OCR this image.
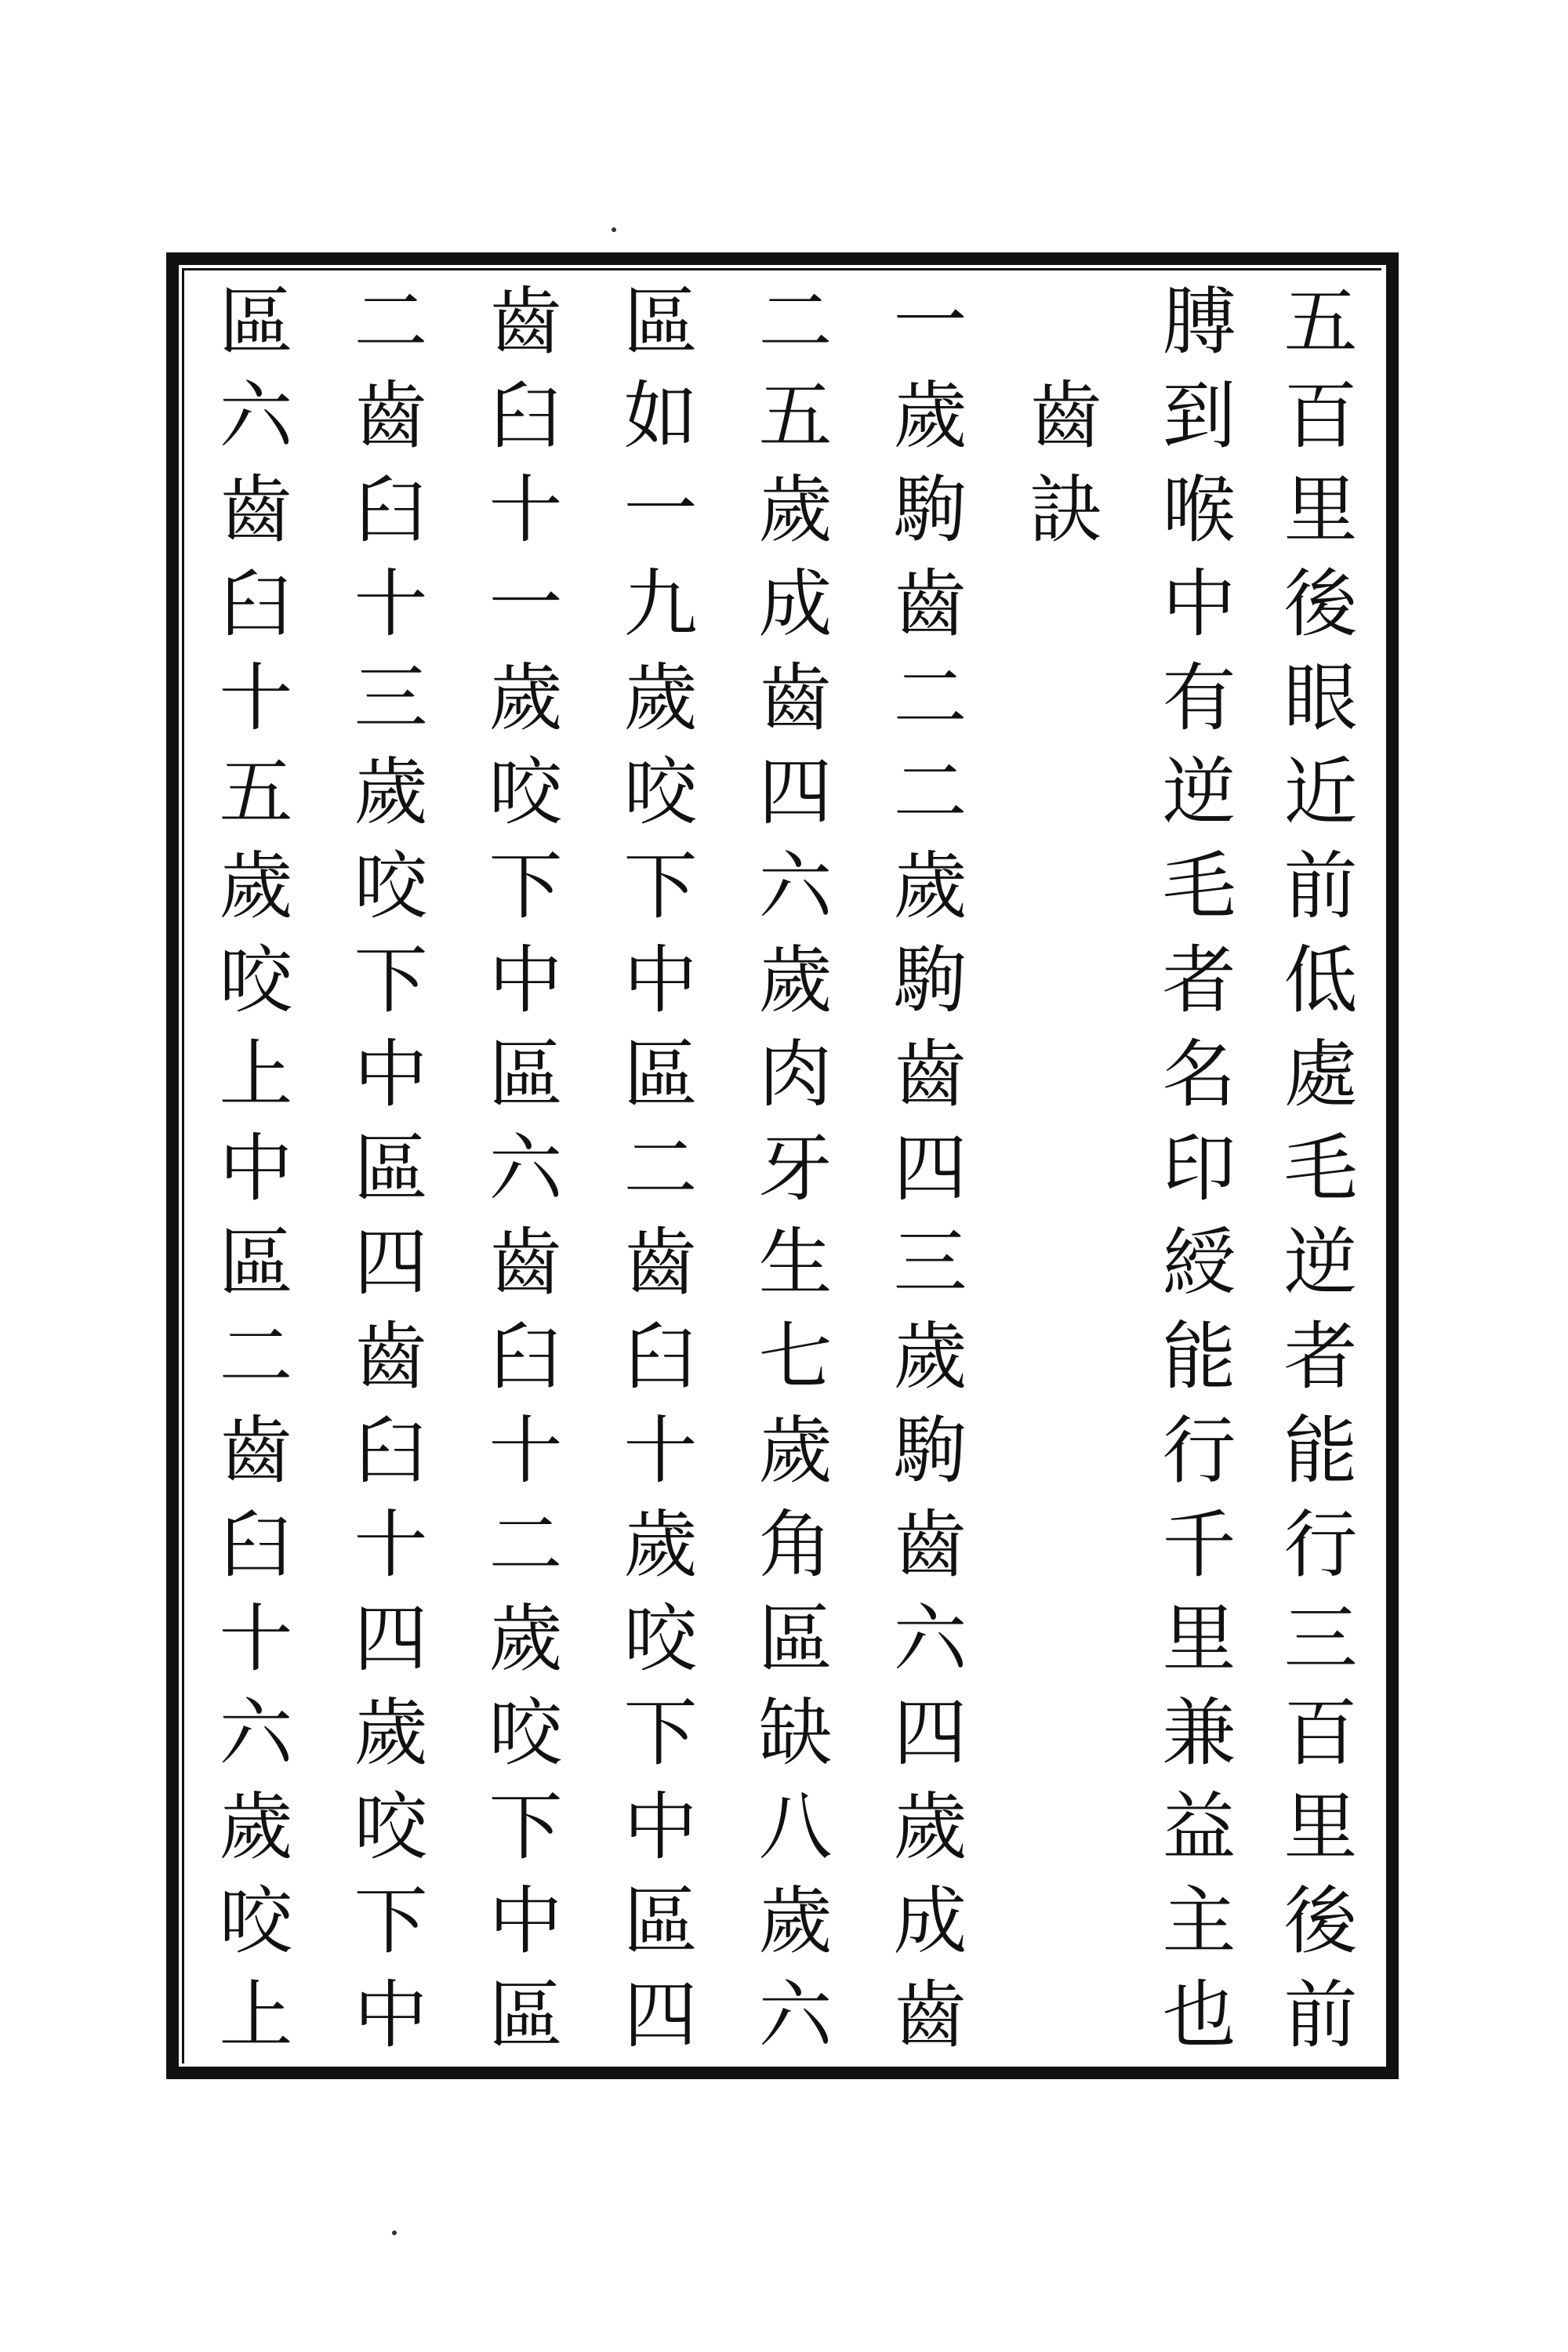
五百里後眼近前低處毛逆者能行三百里後前
膊到喉中有逆毛者名印綬能行千里兼益主也
齒訣
一歲駒齒二二歲駒齒四三歲駒齒六四歲成齒
二五歲成齒四六歲肉牙生七歲角區缺八歲六
區如一九歲咬下中區二齒臼十歲咬下中區四
齒臼十一歲咬下中區六齒臼十二歲咬下中區
二齒臼十三歲咬下中區四齒臼十四歲咬下中
區六齒臼十五歲咬上中區二齒臼十六歲咬上
